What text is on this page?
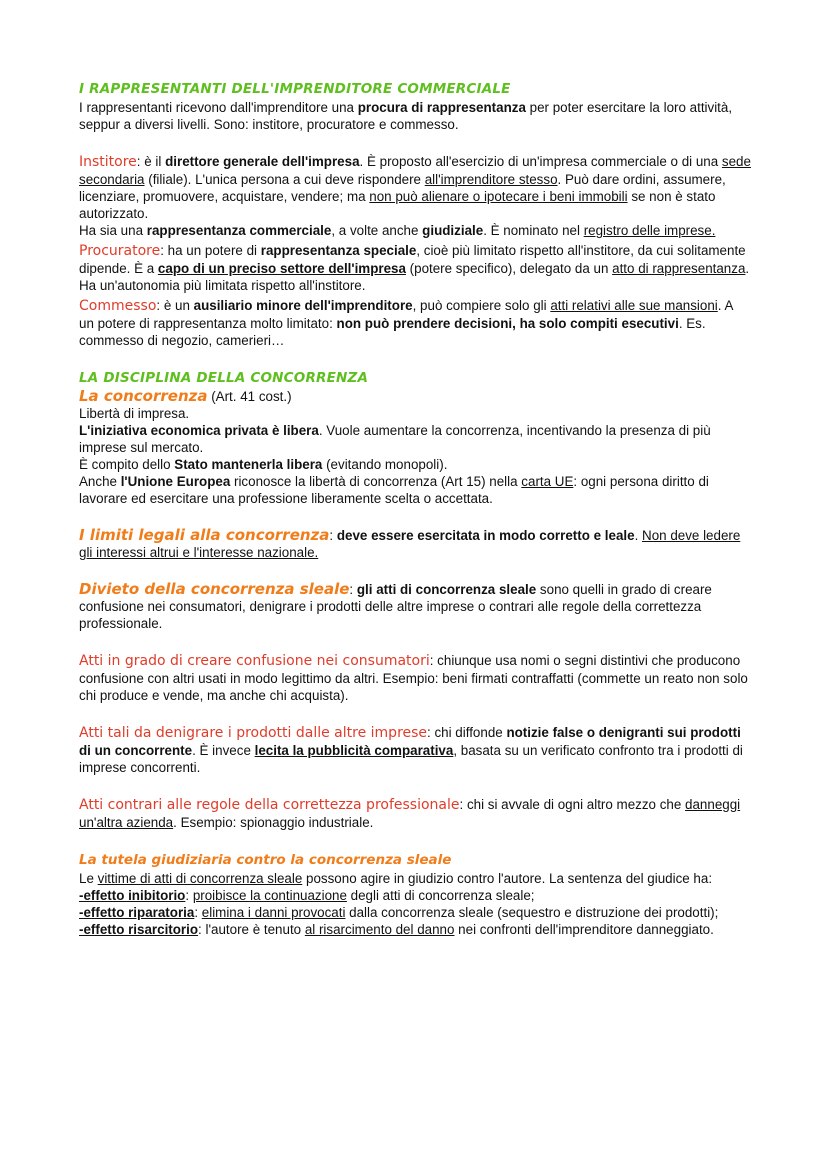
I RAPPRESENTANTI DELL'IMPRENDITORE COMMERCIALE

I rappresentanti ricevono dall'imprenditore una procura di rappresentanza per poter esercitare la loro attività, seppur a diversi livelli. Sono: institore, procuratore e commesso.

Institore: è il direttore generale dell'impresa. È proposto all'esercizio di un'impresa commerciale o di una sede secondaria (filiale). L'unica persona a cui deve rispondere all'imprenditore stesso. Può dare ordini, assumere, licenziare, promuovere, acquistare, vendere; ma non può alienare o ipotecare i beni immobili se non è stato autorizzato.

Ha sia una rappresentanza commerciale, a volte anche giudiziale. È nominato nel registro delle imprese.

Procuratore: ha un potere di rappresentanza speciale, cioè più limitato rispetto all'institore, da cui solitamente dipende. È a capo di un preciso settore dell'impresa (potere specifico), delegato da un atto di rappresentanza. Ha un'autonomia più limitata rispetto all'institore.

Commesso: è un ausiliario minore dell'imprenditore, può compiere solo gli atti relativi alle sue mansioni. A un potere di rappresentanza molto limitato: non può prendere decisioni, ha solo compiti esecutivi. Es. commesso di negozio, camerieri…

LA DISCIPLINA DELLA CONCORRENZA
La concorrenza (Art. 41 cost.)

Libertà di impresa.

L'iniziativa economica privata è libera. Vuole aumentare la concorrenza, incentivando la presenza di più imprese sul mercato.

È compito dello Stato mantenerla libera (evitando monopoli).

Anche l'Unione Europea riconosce la libertà di concorrenza (Art 15) nella carta UE: ogni persona diritto di lavorare ed esercitare una professione liberamente scelta o accettata.

I limiti legali alla concorrenza: deve essere esercitata in modo corretto e leale. Non deve ledere gli interessi altrui e l'interesse nazionale.

Divieto della concorrenza sleale: gli atti di concorrenza sleale sono quelli in grado di creare confusione nei consumatori, denigrare i prodotti delle altre imprese o contrari alle regole della correttezza professionale.

Atti in grado di creare confusione nei consumatori: chiunque usa nomi o segni distintivi che producono confusione con altri usati in modo legittimo da altri. Esempio: beni firmati contraffatti (commette un reato non solo chi produce e vende, ma anche chi acquista).

Atti tali da denigrare i prodotti dalle altre imprese: chi diffonde notizie false o denigranti sui prodotti di un concorrente. È invece lecita la pubblicità comparativa, basata su un verificato confronto tra i prodotti di imprese concorrenti.

Atti contrari alle regole della correttezza professionale: chi si avvale di ogni altro mezzo che danneggi un'altra azienda. Esempio: spionaggio industriale.

La tutela giudiziaria contro la concorrenza sleale

Le vittime di atti di concorrenza sleale possono agire in giudizio contro l'autore. La sentenza del giudice ha:

-effetto inibitorio: proibisce la continuazione degli atti di concorrenza sleale;

-effetto riparatoria: elimina i danni provocati dalla concorrenza sleale (sequestro e distruzione dei prodotti);

-effetto risarcitorio: l'autore è tenuto al risarcimento del danno nei confronti dell'imprenditore danneggiato.
